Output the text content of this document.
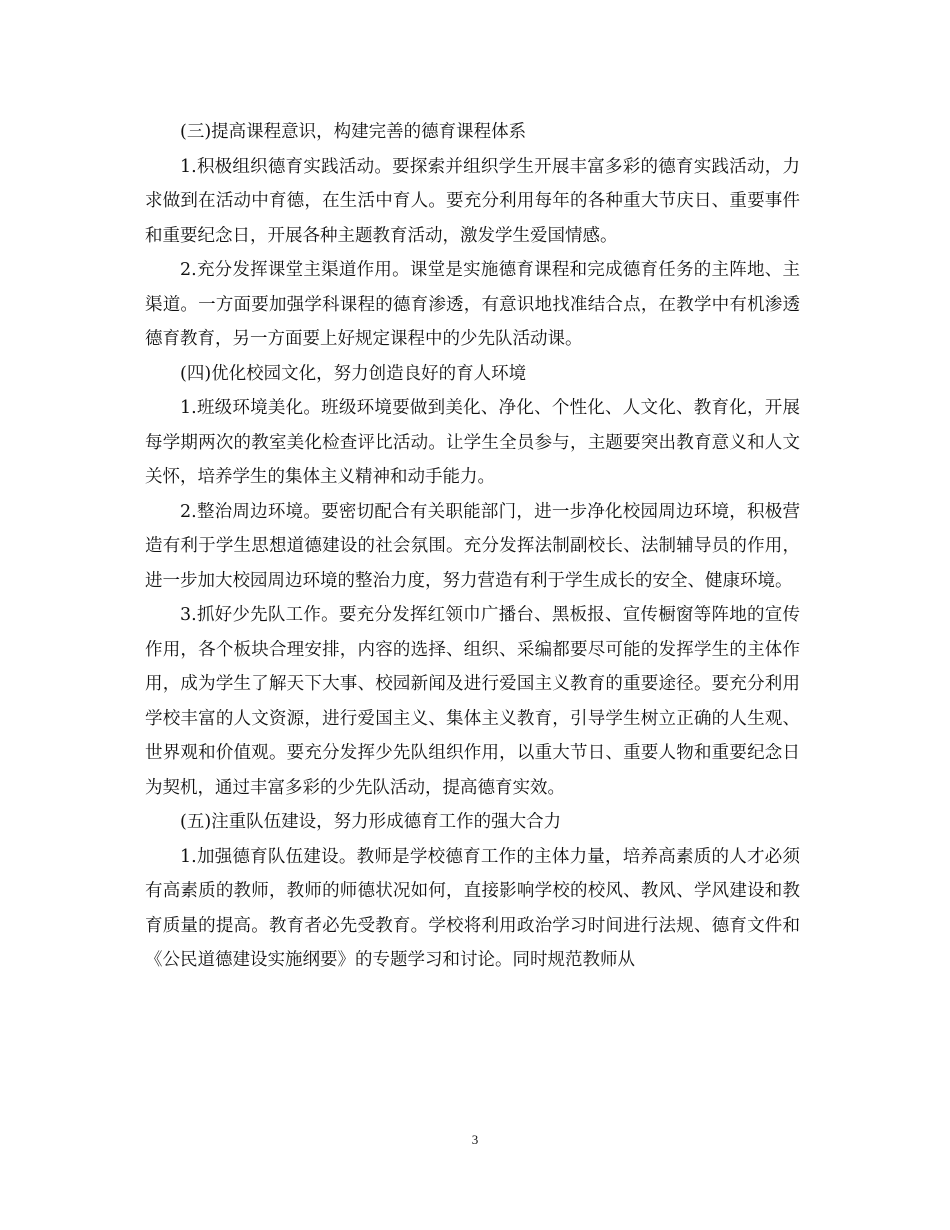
(三)提高课程意识，构建完善的德育课程体系

1.积极组织德育实践活动。要探索并组织学生开展丰富多彩的德育实践活动，力求做到在活动中育德，在生活中育人。要充分利用每年的各种重大节庆日、重要事件和重要纪念日，开展各种主题教育活动，激发学生爱国情感。

2.充分发挥课堂主渠道作用。课堂是实施德育课程和完成德育任务的主阵地、主渠道。一方面要加强学科课程的德育渗透，有意识地找准结合点，在教学中有机渗透德育教育，另一方面要上好规定课程中的少先队活动课。

(四)优化校园文化，努力创造良好的育人环境

1.班级环境美化。班级环境要做到美化、净化、个性化、人文化、教育化，开展每学期两次的教室美化检查评比活动。让学生全员参与，主题要突出教育意义和人文关怀，培养学生的集体主义精神和动手能力。

2.整治周边环境。要密切配合有关职能部门，进一步净化校园周边环境，积极营造有利于学生思想道德建设的社会氛围。充分发挥法制副校长、法制辅导员的作用，进一步加大校园周边环境的整治力度，努力营造有利于学生成长的安全、健康环境。

3.抓好少先队工作。要充分发挥红领巾广播台、黑板报、宣传橱窗等阵地的宣传作用，各个板块合理安排，内容的选择、组织、采编都要尽可能的发挥学生的主体作用，成为学生了解天下大事、校园新闻及进行爱国主义教育的重要途径。要充分利用学校丰富的人文资源，进行爱国主义、集体主义教育，引导学生树立正确的人生观、世界观和价值观。要充分发挥少先队组织作用，以重大节日、重要人物和重要纪念日为契机，通过丰富多彩的少先队活动，提高德育实效。

(五)注重队伍建设，努力形成德育工作的强大合力

1.加强德育队伍建设。教师是学校德育工作的主体力量，培养高素质的人才必须有高素质的教师，教师的师德状况如何，直接影响学校的校风、教风、学风建设和教育质量的提高。教育者必先受教育。学校将利用政治学习时间进行法规、德育文件和《公民道德建设实施纲要》的专题学习和讨论。同时规范教师从

3
